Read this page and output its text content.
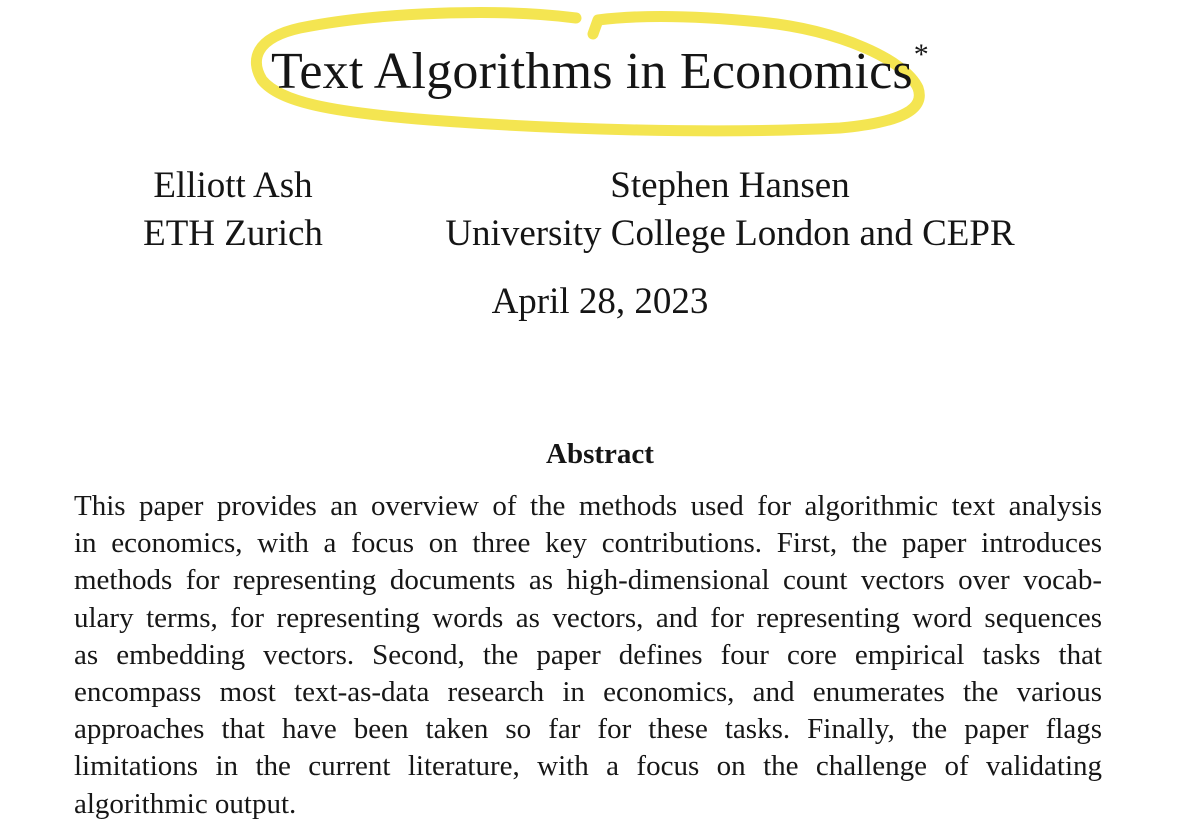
Text Algorithms in Economics*
Elliott Ash
ETH Zurich
Stephen Hansen
University College London and CEPR
April 28, 2023
Abstract
This paper provides an overview of the methods used for algorithmic text analysis
in economics, with a focus on three key contributions. First, the paper introduces
methods for representing documents as high-dimensional count vectors over vocab-
ulary terms, for representing words as vectors, and for representing word sequences
as embedding vectors. Second, the paper defines four core empirical tasks that
encompass most text-as-data research in economics, and enumerates the various
approaches that have been taken so far for these tasks. Finally, the paper flags
limitations in the current literature, with a focus on the challenge of validating
algorithmic output.
